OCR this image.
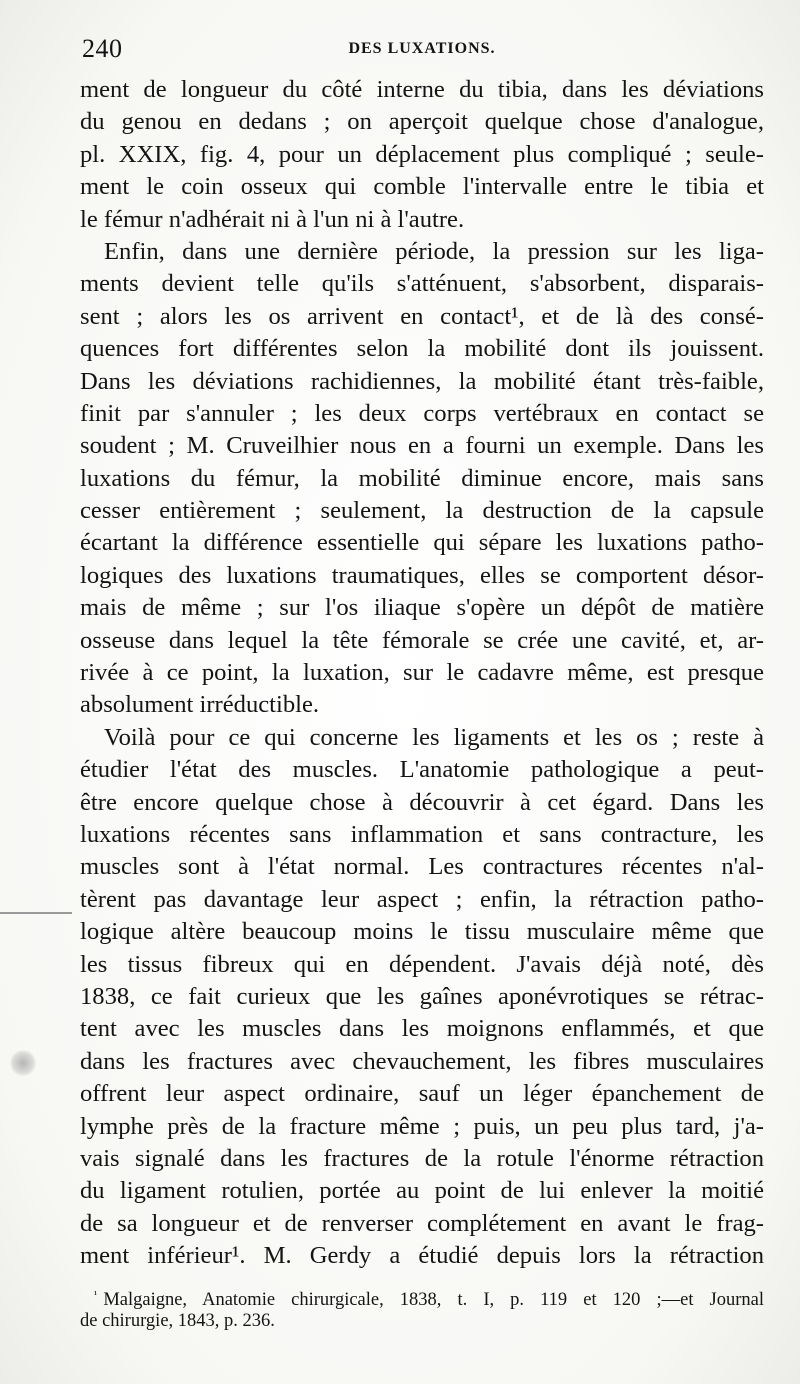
240	DES LUXATIONS.
ment de longueur du côté interne du tibia, dans les déviations
du genou en dedans ; on aperçoit quelque chose d'analogue,
pl. XXIX, fig. 4, pour un déplacement plus compliqué ; seule-
ment le coin osseux qui comble l'intervalle entre le tibia et
le fémur n'adhérait ni à l'un ni à l'autre.
Enfin, dans une dernière période, la pression sur les liga-
ments devient telle qu'ils s'atténuent, s'absorbent, disparais-
sent ; alors les os arrivent en contact¹, et de là des consé-
quences fort différentes selon la mobilité dont ils jouissent.
Dans les déviations rachidiennes, la mobilité étant très-faible,
finit par s'annuler ; les deux corps vertébraux en contact se
soudent ; M. Cruveilhier nous en a fourni un exemple. Dans les
luxations du fémur, la mobilité diminue encore, mais sans
cesser entièrement ; seulement, la destruction de la capsule
écartant la différence essentielle qui sépare les luxations patho-
logiques des luxations traumatiques, elles se comportent désor-
mais de même ; sur l'os iliaque s'opère un dépôt de matière
osseuse dans lequel la tête fémorale se crée une cavité, et, ar-
rivée à ce point, la luxation, sur le cadavre même, est presque
absolument irréductible.
Voilà pour ce qui concerne les ligaments et les os ; reste à
étudier l'état des muscles. L'anatomie pathologique a peut-
être encore quelque chose à découvrir à cet égard. Dans les
luxations récentes sans inflammation et sans contracture, les
muscles sont à l'état normal. Les contractures récentes n'al-
tèrent pas davantage leur aspect ; enfin, la rétraction patho-
logique altère beaucoup moins le tissu musculaire même que
les tissus fibreux qui en dépendent. J'avais déjà noté, dès
1838, ce fait curieux que les gaînes aponévrotiques se rétrac-
tent avec les muscles dans les moignons enflammés, et que
dans les fractures avec chevauchement, les fibres musculaires
offrent leur aspect ordinaire, sauf un léger épanchement de
lymphe près de la fracture même ; puis, un peu plus tard, j'a-
vais signalé dans les fractures de la rotule l'énorme rétraction
du ligament rotulien, portée au point de lui enlever la moitié
de sa longueur et de renverser complétement en avant le frag-
ment inférieur¹. M. Gerdy a étudié depuis lors la rétraction
$^{^1}$ Malgaigne, Anatomie chirurgicale, 1838, t. I, p. 119 et 120 ;—et Journal
de chirurgie, 1843, p. 236.
